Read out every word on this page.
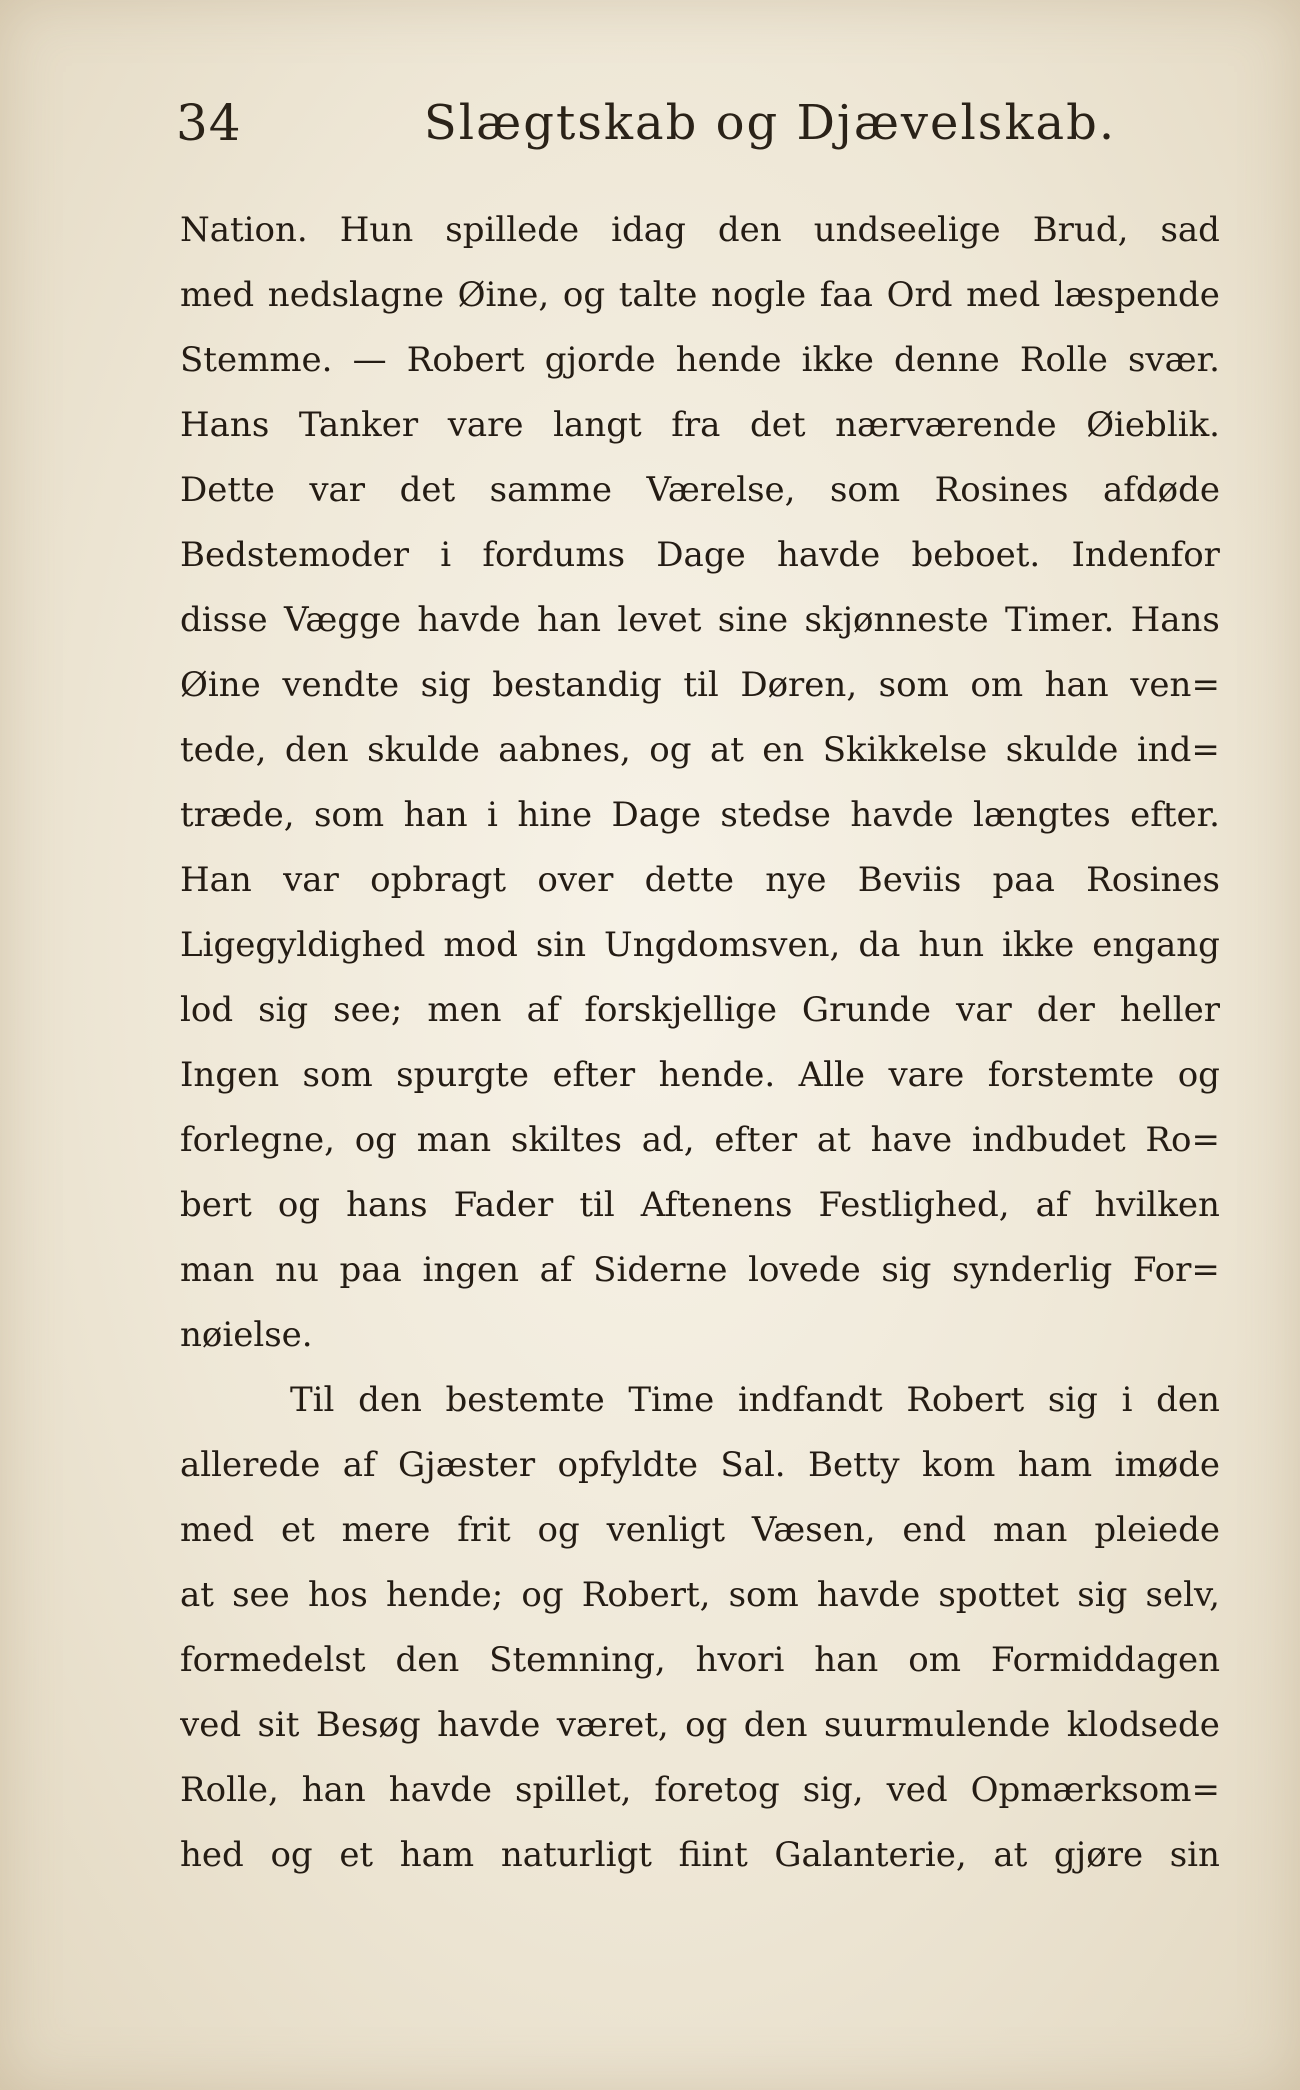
34	Slægtskab og Djævelskab.
Nation. Hun spillede idag den undseelige Brud, sad
med nedslagne Øine, og talte nogle faa Ord med læspende
Stemme. — Robert gjorde hende ikke denne Rolle svær.
Hans Tanker vare langt fra det nærværende Øieblik.
Dette var det samme Værelse, som Rosines afdøde
Bedstemoder i fordums Dage havde beboet. Indenfor
disse Vægge havde han levet sine skjønneste Timer. Hans
Øine vendte sig bestandig til Døren, som om han ven=
tede, den skulde aabnes, og at en Skikkelse skulde ind=
træde, som han i hine Dage stedse havde længtes efter.
Han var opbragt over dette nye Beviis paa Rosines
Ligegyldighed mod sin Ungdomsven, da hun ikke engang
lod sig see; men af forskjellige Grunde var der heller
Ingen som spurgte efter hende. Alle vare forstemte og
forlegne, og man skiltes ad, efter at have indbudet Ro=
bert og hans Fader til Aftenens Festlighed, af hvilken
man nu paa ingen af Siderne lovede sig synderlig For=
nøielse.
Til den bestemte Time indfandt Robert sig i den
allerede af Gjæster opfyldte Sal. Betty kom ham imøde
med et mere frit og venligt Væsen, end man pleiede
at see hos hende; og Robert, som havde spottet sig selv,
formedelst den Stemning, hvori han om Formiddagen
ved sit Besøg havde været, og den suurmulende klodsede
Rolle, han havde spillet, foretog sig, ved Opmærksom=
hed og et ham naturligt fiint Galanterie, at gjøre sin
